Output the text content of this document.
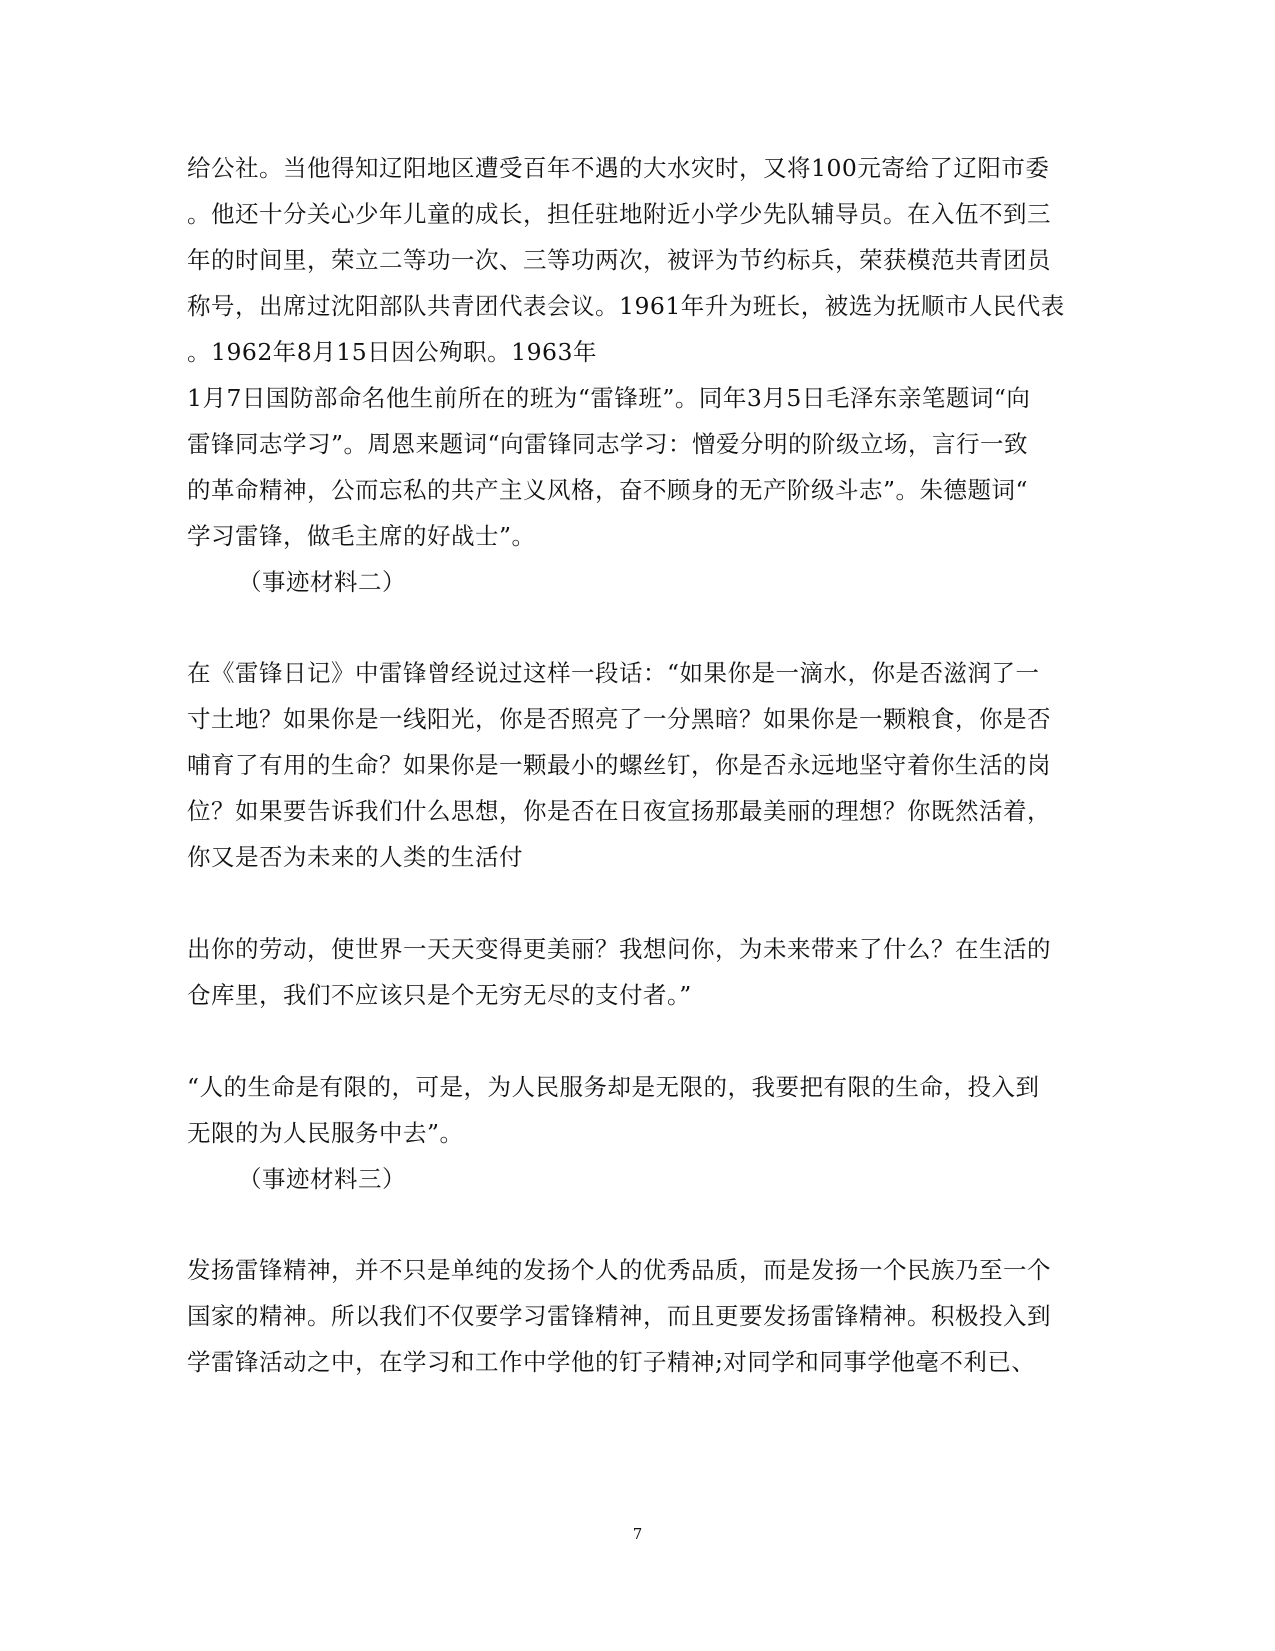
给公社。当他得知辽阳地区遭受百年不遇的大水灾时，又将100元寄给了辽阳市委
。他还十分关心少年儿童的成长，担任驻地附近小学少先队辅导员。在入伍不到三
年的时间里，荣立二等功一次、三等功两次，被评为节约标兵，荣获模范共青团员
称号，出席过沈阳部队共青团代表会议。1961年升为班长，被选为抚顺市人民代表
。1962年8月15日因公殉职。1963年
1月7日国防部命名他生前所在的班为“雷锋班”。同年3月5日毛泽东亲笔题词“向
雷锋同志学习”。周恩来题词“向雷锋同志学习：憎爱分明的阶级立场，言行一致
的革命精神，公而忘私的共产主义风格，奋不顾身的无产阶级斗志”。朱德题词“
学习雷锋，做毛主席的好战士”。
（事迹材料二）
在《雷锋日记》中雷锋曾经说过这样一段话：“如果你是一滴水，你是否滋润了一
寸土地？如果你是一线阳光，你是否照亮了一分黑暗？如果你是一颗粮食，你是否
哺育了有用的生命？如果你是一颗最小的螺丝钉，你是否永远地坚守着你生活的岗
位？如果要告诉我们什么思想，你是否在日夜宣扬那最美丽的理想？你既然活着，
你又是否为未来的人类的生活付
出你的劳动，使世界一天天变得更美丽？我想问你，为未来带来了什么？在生活的
仓库里，我们不应该只是个无穷无尽的支付者。”
“人的生命是有限的，可是，为人民服务却是无限的，我要把有限的生命，投入到
无限的为人民服务中去”。
（事迹材料三）
发扬雷锋精神，并不只是单纯的发扬个人的优秀品质，而是发扬一个民族乃至一个
国家的精神。所以我们不仅要学习雷锋精神，而且更要发扬雷锋精神。积极投入到
学雷锋活动之中，在学习和工作中学他的钉子精神;对同学和同事学他毫不利已、
7
